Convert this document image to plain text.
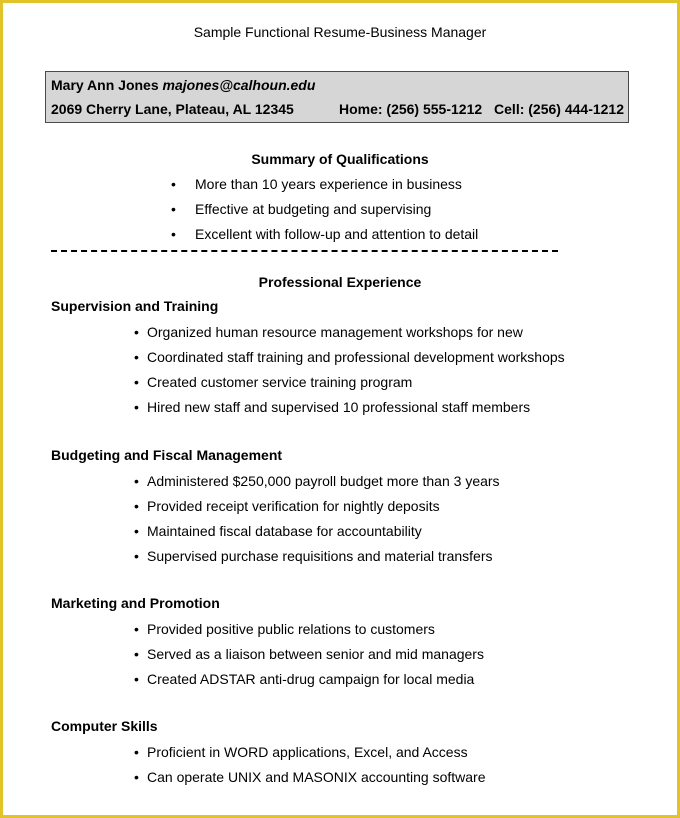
Sample Functional Resume-Business Manager
Mary Ann Jones majones@calhoun.edu
2069 Cherry Lane, Plateau, AL 12345	Home: (256) 555-1212 Cell: (256) 444-1212
Summary of Qualifications
• More than 10 years experience in business
• Effective at budgeting and supervising
• Excellent with follow-up and attention to detail
Professional Experience
Supervision and Training
• Organized human resource management workshops for new
• Coordinated staff training and professional development workshops
• Created customer service training program
• Hired new staff and supervised 10 professional staff members
Budgeting and Fiscal Management
• Administered $250,000 payroll budget more than 3 years
• Provided receipt verification for nightly deposits
• Maintained fiscal database for accountability
• Supervised purchase requisitions and material transfers
Marketing and Promotion
• Provided positive public relations to customers
• Served as a liaison between senior and mid managers
• Created ADSTAR anti-drug campaign for local media
Computer Skills
• Proficient in WORD applications, Excel, and Access
• Can operate UNIX and MASONIX accounting software
